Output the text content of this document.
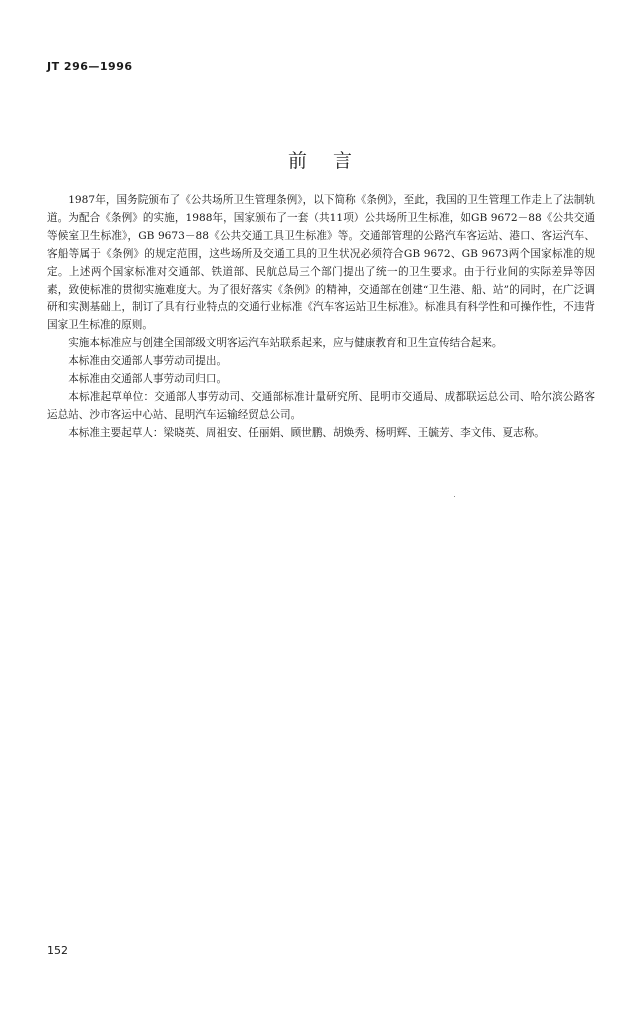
JT 296—1996
前言

1987年，国务院颁布了《公共场所卫生管理条例》，以下简称《条例》，至此，我国的卫生管理工作走上了法制轨道。为配合《条例》的实施，1988年，国家颁布了一套（共11项）公共场所卫生标准，如GB 9672－88《公共交通等候室卫生标准》，GB 9673－88《公共交通工具卫生标准》等。交通部管理的公路汽车客运站、港口、客运汽车、客船等属于《条例》的规定范围，这些场所及交通工具的卫生状况必须符合GB 9672、GB 9673两个国家标准的规定。上述两个国家标准对交通部、铁道部、民航总局三个部门提出了统一的卫生要求。由于行业间的实际差异等因素，致使标准的贯彻实施难度大。为了很好落实《条例》的精神，交通部在创建“卫生港、船、站”的同时，在广泛调研和实测基础上，制订了具有行业特点的交通行业标准《汽车客运站卫生标准》。标准具有科学性和可操作性，不违背国家卫生标准的原则。

实施本标准应与创建全国部级文明客运汽车站联系起来，应与健康教育和卫生宣传结合起来。

本标准由交通部人事劳动司提出。

本标准由交通部人事劳动司归口。

本标准起草单位：交通部人事劳动司、交通部标准计量研究所、昆明市交通局、成都联运总公司、哈尔滨公路客运总站、沙市客运中心站、昆明汽车运输经贸总公司。

本标准主要起草人：梁晓英、周祖安、任丽娟、顾世鹏、胡焕秀、杨明辉、王毓芳、李文伟、夏志称。

152
